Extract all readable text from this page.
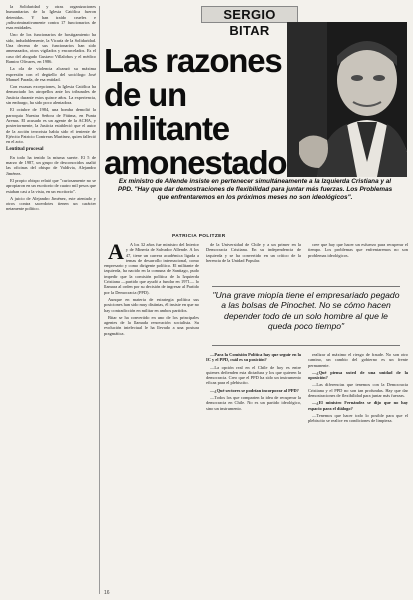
la Solidaridad y otras organizaciones humanitarias de la Iglesia Católica fueron detenidas. Y han traído crueles e ¡ndiscriminativamente contra 17 funcionarios de esas entidades.

Uno de los funcionarios de hostigamiento ha sido, indudablemente, la Vicaría de la Solidaridad. Una decena de sus funcionarios han sido amenazados, otros vigilados y encarcelados. Es el caso del abogado Gustavo Villalobos y el médico Ramiro Olivares, en 1986.

La ola de violencia alcanzó su máxima expresión con el degüello del sociólogo José Manuel Parada, de esa entidad.

Con escasas excepciones, la Iglesia Católica ha denunciado los atropellos ante los tribunales de Justicia durante estos quince años. La experiencia, sin embargo, ha sido poco alentadora.

El octubre de 1984, una bomba demolió la parroquia Nuestra Señora de Fátima, en Punta Arenas. El acusado es un agente de la ACHA, y posteriormente, la Justicia estableció que el autor de la acción terrorista había sido el teniente de Ejército Patricio Contreras Martínez, quien falleció en el acto.

Lentitud procesal

En todo ha tenido la misma suerte. El 5 de marzo de 1987, un grupo de desconocidos asaltó las oficinas del obispo de Valdivia, Alejandro Jiménez.

El propio obispo relató que "curiosamente no se apropiaron en un escritorio de cuatro mil pesos que estaban casi a la vista, en un escritorio".

A juicio de Alejandro Jiménez, este atentado y otros contra sacerdotes tienen un carácter netamente político.

SERGIO BITAR
Las razones
de un
militante
amonestado

Ex ministro de Allende insiste en pertenecer simultáneamente a la Izquierda Cristiana y al PPD. "Hay que dar demostraciones de flexibilidad para juntar más fuerzas. Los Problemas que enfrentaremos en los próximos meses no son ideológicos".

PATRICIA POLITZER

A A los 32 años fue ministro del Interior y de Minería de Salvador Allende. A los 47, tiene un carrera académica ligada a temas de desarrollo internacional, como empresario y como dirigente político. El militante de izquierda, ha nacido en la comuna de Santiago, pudo impedir que la comisión política de la Izquierda Cristiana —partido que ayudó a fundar en 1971— lo llamara al orden por su decisión de ingresar al Partido por la Democracia (PPD).

Aunque en materia de estrategia política sus posiciones han sido muy distintas, él insiste en que no hay contradicción en militar en ambos partidos.

Bitar se ha convertido en uno de los principales agentes de la llamada renovación socialista. Su evolución intelectual le ha llevado a una postura pragmática.

de la Universidad de Chile y a un primer en la Democracia Cristiana. En su independencia de izquierda y se ha convertido en un crítico de la herencia de la Unidad Popular.

cree que hay que hacer un esfuerzo para recuperar el tiempo. Los problemas que enfrentaremos no son problemas ideológicos.

"Una grave miopía tiene el empresariado pegado a las bolsas de Pinochet. No se cómo hacen depender todo de un solo hombre al que le queda poco tiempo"

—Para la Comisión Política hay que seguir en la IC y el PPD, cuál es su posición?

—La opción real en el Chile de hoy es entre quienes defienden esta dictadura y los que quieren la democracia. Creo que el PPD ha sido un instrumento eficaz para el plebiscito.

—¿Qué sectores se podrían incorporar al PPD?

—Todos los que comparten la idea de recuperar la democracia en Chile. No es un partido ideológico, sino un instrumento.

realizar al máximo el riesgo de fraude. No son otro camino, un cambio del gobierno es un frente permanente.

—¿Qué piensa usted de una unidad de la oposición?

—Las diferencias que tenemos con la Democracia Cristiana y el PPD no son tan profundas. Hay que dar demostraciones de flexibilidad para juntar más fuerzas.

—¿El ministro Fernández se dijo que no hay espacio para el diálogo?

—Tenemos que hacer todo lo posible para que el plebiscito se realice en condiciones de limpieza.

16
